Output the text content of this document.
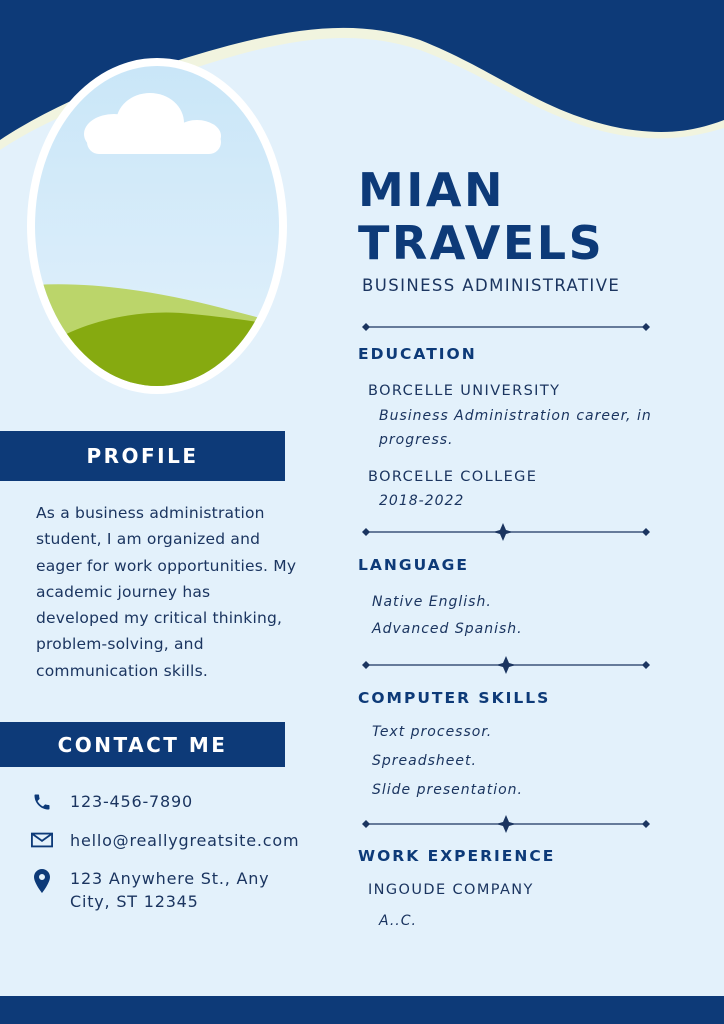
PROFILE
As a business administration student, I am organized and eager for work opportunities. My academic journey has developed my critical thinking, problem-solving, and communication skills.
CONTACT ME
123-456-7890
hello@reallygreatsite.com
123 Anywhere St., Any City, ST 12345
MIAN
TRAVELS
BUSINESS ADMINISTRATIVE
EDUCATION
BORCELLE UNIVERSITY
Business Administration career, in progress.
BORCELLE COLLEGE
2018-2022
LANGUAGE
Native English.
Advanced Spanish.
COMPUTER SKILLS
Text processor.
Spreadsheet.
Slide presentation.
WORK EXPERIENCE
INGOUDE COMPANY
A..C.
